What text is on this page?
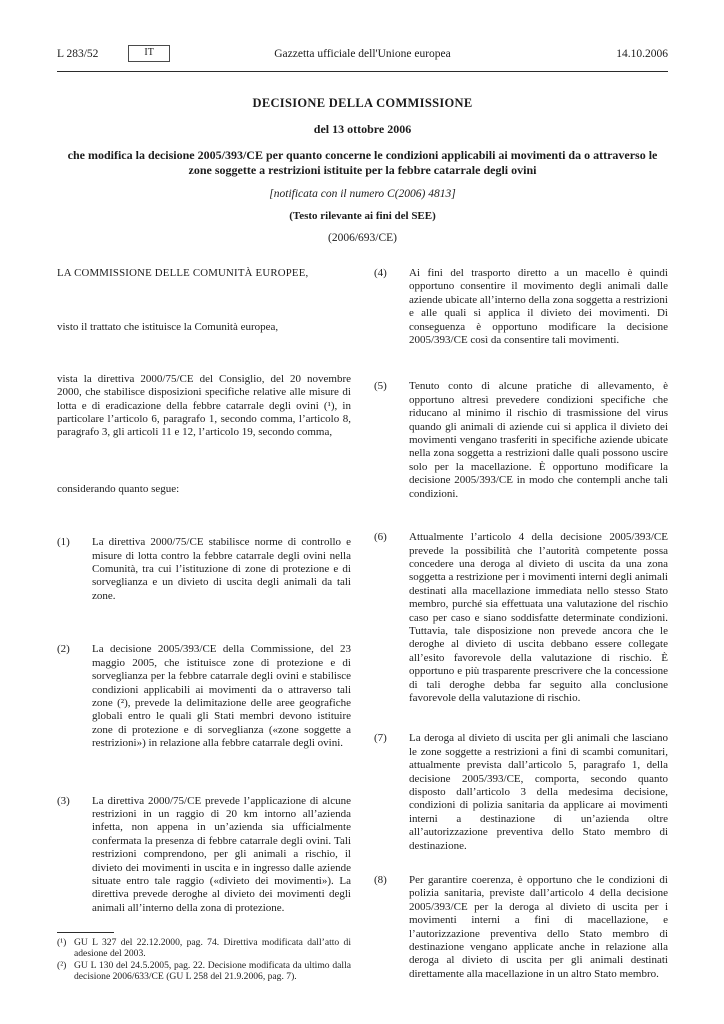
L 283/52	IT	Gazzetta ufficiale dell'Unione europea	14.10.2006
DECISIONE DELLA COMMISSIONE
del 13 ottobre 2006
che modifica la decisione 2005/393/CE per quanto concerne le condizioni applicabili ai movimenti da o attraverso le zone soggette a restrizioni istituite per la febbre catarrale degli ovini
[notificata con il numero C(2006) 4813]
(Testo rilevante ai fini del SEE)
(2006/693/CE)

LA COMMISSIONE DELLE COMUNITÀ EUROPEE,

visto il trattato che istituisce la Comunità europea,

vista la direttiva 2000/75/CE del Consiglio, del 20 novembre 2000, che stabilisce disposizioni specifiche relative alle misure di lotta e di eradicazione della febbre catarrale degli ovini (¹), in particolare l’articolo 6, paragrafo 1, secondo comma, l’articolo 8, paragrafo 3, gli articoli 11 e 12, l’articolo 19, secondo comma,

considerando quanto segue:

(1)	La direttiva 2000/75/CE stabilisce norme di controllo e misure di lotta contro la febbre catarrale degli ovini nella Comunità, tra cui l’istituzione di zone di protezione e di sorveglianza e un divieto di uscita degli animali da tali zone.
(2)	La decisione 2005/393/CE della Commissione, del 23 maggio 2005, che istituisce zone di protezione e di sorveglianza per la febbre catarrale degli ovini e stabilisce condizioni applicabili ai movimenti da o attraverso tali zone (²), prevede la delimitazione delle aree geografiche globali entro le quali gli Stati membri devono istituire zone di protezione e di sorveglianza («zone soggette a restrizioni») in relazione alla febbre catarrale degli ovini.
(3)	La direttiva 2000/75/CE prevede l’applicazione di alcune restrizioni in un raggio di 20 km intorno all’azienda infetta, non appena in un’azienda sia ufficialmente confermata la presenza di febbre catarrale degli ovini. Tali restrizioni comprendono, per gli animali a rischio, il divieto dei movimenti in uscita e in ingresso dalle aziende situate entro tale raggio («divieto dei movimenti»). La direttiva prevede deroghe al divieto dei movimenti degli animali all’interno della zona di protezione.
(¹) GU L 327 del 22.12.2000, pag. 74. Direttiva modificata dall’atto di adesione del 2003.
(²) GU L 130 del 24.5.2005, pag. 22. Decisione modificata da ultimo dalla decisione 2006/633/CE (GU L 258 del 21.9.2006, pag. 7).
(4)	Ai fini del trasporto diretto a un macello è quindi opportuno consentire il movimento degli animali dalle aziende ubicate all’interno della zona soggetta a restrizioni e alle quali si applica il divieto dei movimenti. Di conseguenza è opportuno modificare la decisione 2005/393/CE così da consentire tali movimenti.
(5)	Tenuto conto di alcune pratiche di allevamento, è opportuno altresì prevedere condizioni specifiche che riducano al minimo il rischio di trasmissione del virus quando gli animali di aziende cui si applica il divieto dei movimenti vengano trasferiti in specifiche aziende ubicate nella zona soggetta a restrizioni dalle quali possono uscire solo per la macellazione. È opportuno modificare la decisione 2005/393/CE in modo che contempli anche tali condizioni.
(6)	Attualmente l’articolo 4 della decisione 2005/393/CE prevede la possibilità che l’autorità competente possa concedere una deroga al divieto di uscita da una zona soggetta a restrizione per i movimenti interni degli animali destinati alla macellazione immediata nello stesso Stato membro, purché sia effettuata una valutazione del rischio caso per caso e siano soddisfatte determinate condizioni. Tuttavia, tale disposizione non prevede ancora che le deroghe al divieto di uscita debbano essere collegate all’esito favorevole della valutazione di rischio. È opportuno e più trasparente prescrivere che la concessione di tali deroghe debba far seguito alla conclusione favorevole della valutazione di rischio.
(7)	La deroga al divieto di uscita per gli animali che lasciano le zone soggette a restrizioni a fini di scambi comunitari, attualmente prevista dall’articolo 5, paragrafo 1, della decisione 2005/393/CE, comporta, secondo quanto disposto dall’articolo 3 della medesima decisione, condizioni di polizia sanitaria da applicare ai movimenti interni a destinazione di un’azienda oltre all’autorizzazione preventiva dello Stato membro di destinazione.
(8)	Per garantire coerenza, è opportuno che le condizioni di polizia sanitaria, previste dall’articolo 4 della decisione 2005/393/CE per la deroga al divieto di uscita per i movimenti interni a fini di macellazione, e l’autorizzazione preventiva dello Stato membro di destinazione vengano applicate anche in relazione alla deroga al divieto di uscita per gli animali destinati direttamente alla macellazione in un altro Stato membro.
